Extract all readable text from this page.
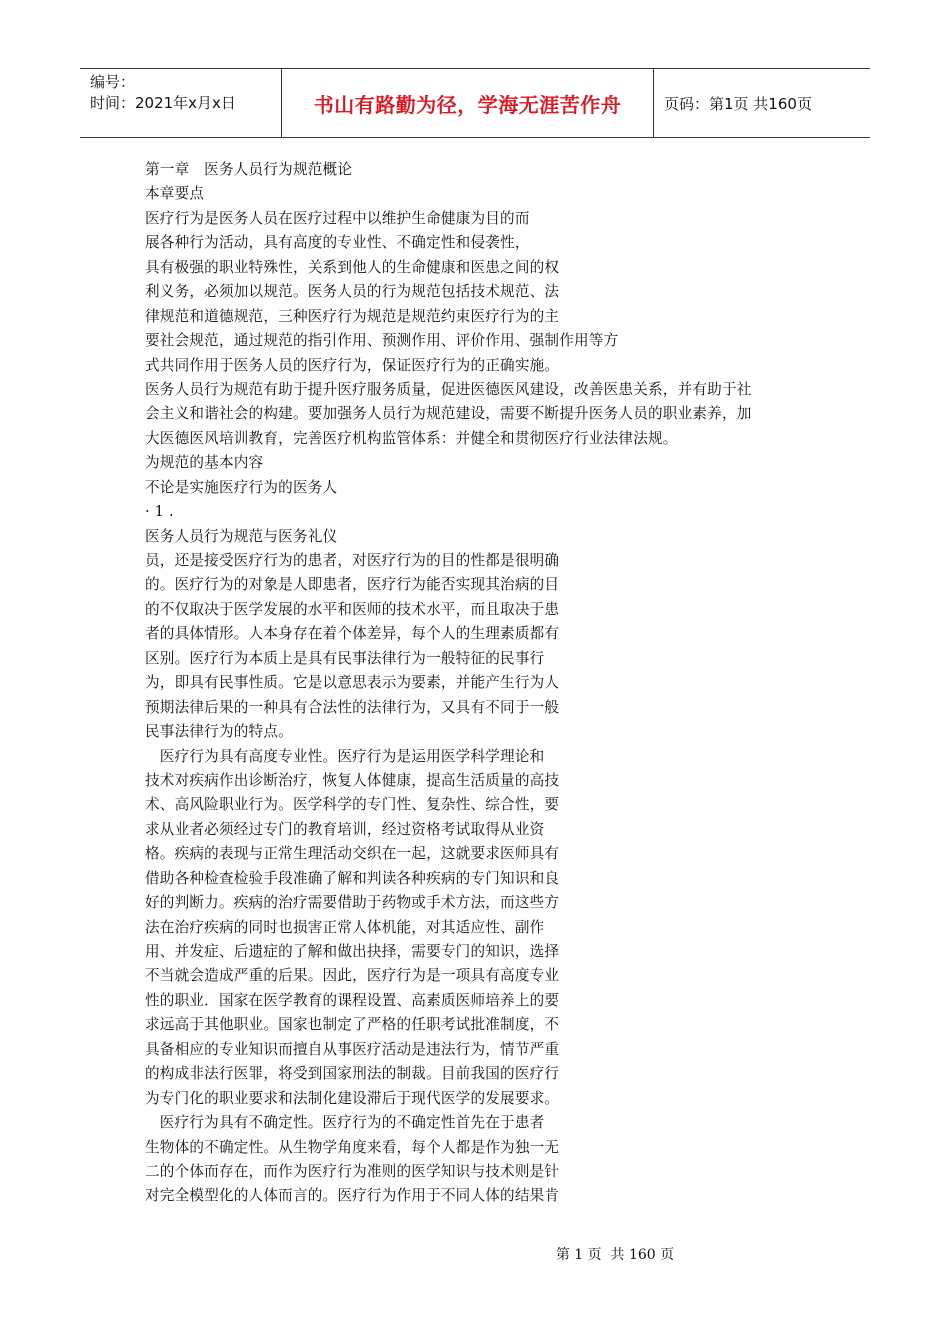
编号：
时间：2021年x月x日	书山有路勤为径，学海无涯苦作舟	页码：第1页 共160页
第一章　医务人员行为规范概论
本章要点
医疗行为是医务人员在医疗过程中以维护生命健康为目的而
展各种行为活动，具有高度的专业性、不确定性和侵袭性，
具有极强的职业特殊性，关系到他人的生命健康和医患之间的权
利义务，必须加以规范。医务人员的行为规范包括技术规范、法
律规范和道德规范，三种医疗行为规范是规范约束医疗行为的主
要社会规范，通过规范的指引作用、预测作用、评价作用、强制作用等方
式共同作用于医务人员的医疗行为，保证医疗行为的正确实施。
医务人员行为规范有助于提升医疗服务质量，促进医德医风建设，改善医患关系，并有助于社
会主义和谐社会的构建。要加强务人员行为规范建设，需要不断提升医务人员的职业素养，加
大医德医风培训教育，完善医疗机构监管体系：并健全和贯彻医疗行业法律法规。
为规范的基本内容
不论是实施医疗行为的医务人
· 1 .
医务人员行为规范与医务礼仪
员，还是接受医疗行为的患者，对医疗行为的目的性都是很明确
的。医疗行为的对象是人即患者，医疗行为能否实现其治病的目
的不仅取决于医学发展的水平和医师的技术水平，而且取决于患
者的具体情形。人本身存在着个体差异，每个人的生理素质都有
区别。医疗行为本质上是具有民事法律行为一般特征的民事行
为，即具有民事性质。它是以意思表示为要素，并能产生行为人
预期法律后果的一种具有合法性的法律行为，又具有不同于一般
民事法律行为的特点。
　医疗行为具有高度专业性。医疗行为是运用医学科学理论和
技术对疾病作出诊断治疗，恢复人体健康，提高生活质量的高技
术、高风险职业行为。医学科学的专门性、复杂性、综合性，要
求从业者必须经过专门的教育培训，经过资格考试取得从业资
格。疾病的表现与正常生理活动交织在一起，这就要求医师具有
借助各种检查检验手段准确了解和判读各种疾病的专门知识和良
好的判断力。疾病的治疗需要借助于药物或手术方法，而这些方
法在治疗疾病的同时也损害正常人体机能，对其适应性、副作
用、并发症、后遗症的了解和做出抉择，需要专门的知识，选择
不当就会造成严重的后果。因此，医疗行为是一项具有高度专业
性的职业．国家在医学教育的课程设置、高素质医师培养上的要
求远高于其他职业。国家也制定了严格的任职考试批准制度，不
具备相应的专业知识而擅自从事医疗活动是违法行为，情节严重
的构成非法行医罪，将受到国家刑法的制裁。目前我国的医疗行
为专门化的职业要求和法制化建设滞后于现代医学的发展要求。
　医疗行为具有不确定性。医疗行为的不确定性首先在于患者
生物体的不确定性。从生物学角度来看，每个人都是作为独一无
二的个体而存在，而作为医疗行为准则的医学知识与技术则是针
对完全模型化的人体而言的。医疗行为作用于不同人体的结果肯
第 1 页  共 160 页
